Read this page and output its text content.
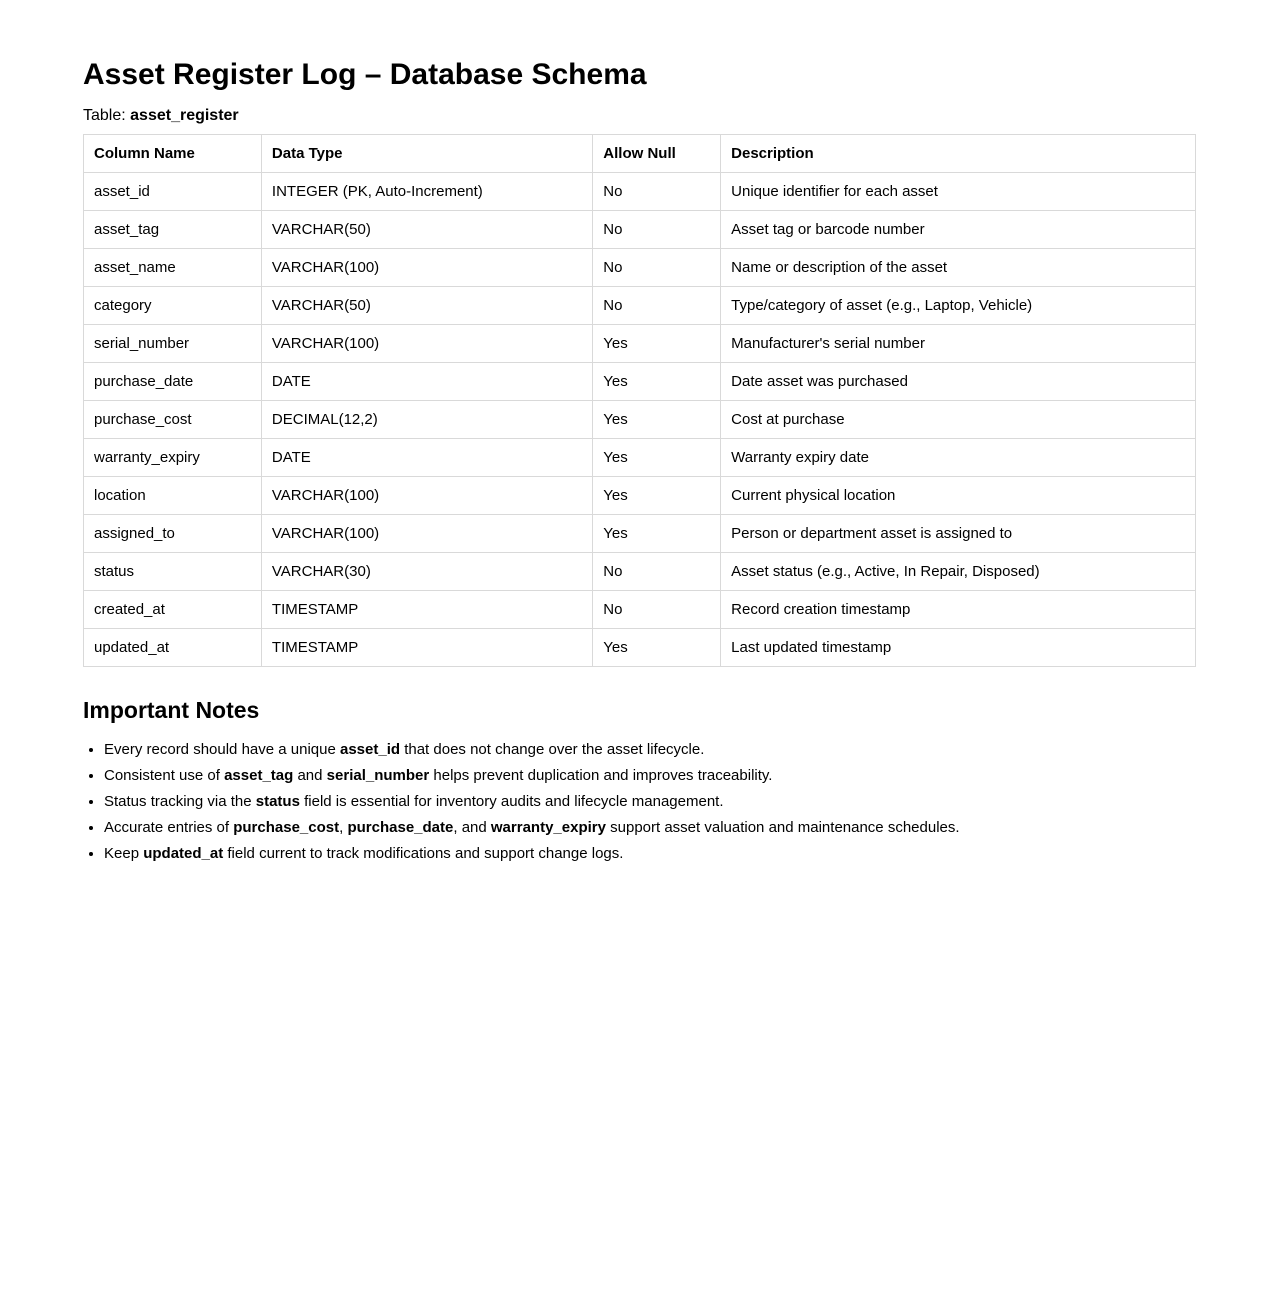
Asset Register Log – Database Schema

Table: asset_register

Column Name	Data Type	Allow Null	Description
asset_id	INTEGER (PK, Auto-Increment)	No	Unique identifier for each asset
asset_tag	VARCHAR(50)	No	Asset tag or barcode number
asset_name	VARCHAR(100)	No	Name or description of the asset
category	VARCHAR(50)	No	Type/category of asset (e.g., Laptop, Vehicle)
serial_number	VARCHAR(100)	Yes	Manufacturer's serial number
purchase_date	DATE	Yes	Date asset was purchased
purchase_cost	DECIMAL(12,2)	Yes	Cost at purchase
warranty_expiry	DATE	Yes	Warranty expiry date
location	VARCHAR(100)	Yes	Current physical location
assigned_to	VARCHAR(100)	Yes	Person or department asset is assigned to
status	VARCHAR(30)	No	Asset status (e.g., Active, In Repair, Disposed)
created_at	TIMESTAMP	No	Record creation timestamp
updated_at	TIMESTAMP	Yes	Last updated timestamp
Important Notes
• Every record should have a unique asset_id that does not change over the asset lifecycle.
• Consistent use of asset_tag and serial_number helps prevent duplication and improves traceability.
• Status tracking via the status field is essential for inventory audits and lifecycle management.
• Accurate entries of purchase_cost, purchase_date, and warranty_expiry support asset valuation and maintenance schedules.
• Keep updated_at field current to track modifications and support change logs.
